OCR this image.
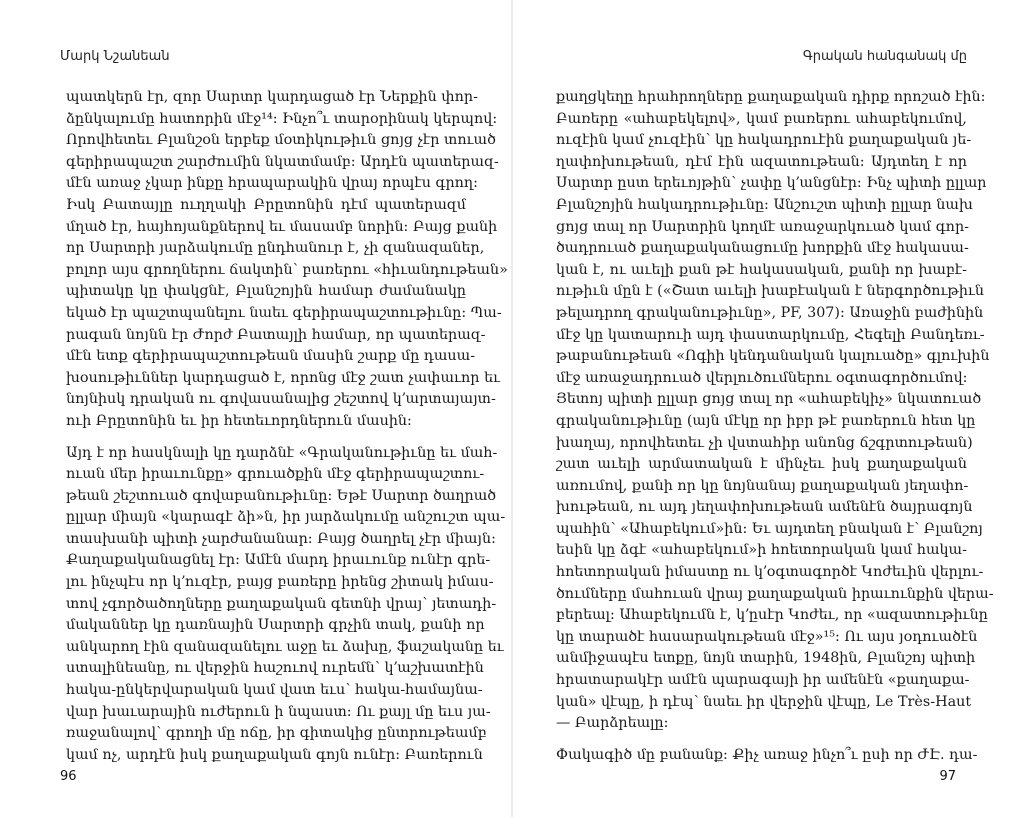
Մարկ Նշանեան
պատկերն էր, զոր Սարտր կարդացած էր Ներքին փոր-
ձընկալումը հատորին մէջ¹⁴: Ինչո՞ւ տարօրինակ կերպով:
Որովհետեւ Բլանշօն երբեք մօտիկութիւն ցոյց չէր տուած
գերիրապաշտ շարժումին նկատմամբ: Արդէն պատերազ-
մէն առաջ չկար ինքը հրապարակին վրայ որպէս գրող:
Իսկ Բատայլը ուղղակի Բրըտոնին դէմ պատերազմ
մղած էր, հայհոյանքներով եւ մասամբ նորին: Բայց քանի
որ Սարտրի յարձակումը ընդհանուր է, չի զանազաներ,
բոլոր այս գրողներու ճակտին՝ բառերու «հիւանդութեան»
պիտակը կը փակցնէ, Բլանշոյին համար ժամանակը
եկած էր պաշտպանելու նաեւ գերիրապաշտութիւնը: Պա-
րագան նոյնն էր Ժորժ Բատայլի համար, որ պատերազ-
մէն ետք գերիրապաշտութեան մասին շարք մը դասա-
խօսութիւններ կարդացած է, որոնց մէջ շատ չափաւոր եւ
նոյնիսկ դրական ու գովասանալից շեշտով կ՚արտայայտ-
ուի Բրըտոնին եւ իր հետեւորդներուն մասին:
Այդ է որ հասկնալի կը դարձնէ «Գրականութիւնը եւ մահ-
ուան մեր իրաւունքը» գրուածքին մէջ գերիրապաշտու-
թեան շեշտուած գովաբանութիւնը: Եթէ Սարտր ծաղրած
ըլլար միայն «կարագէ ձի»ն, իր յարձակումը անշուշտ պա-
տասխանի պիտի չարժանանար: Բայց ծաղրել չէր միայն:
Քաղաքականացնել էր: Ամէն մարդ իրաւունք ունէր գրե-
լու ինչպէս որ կ՚ուզէր, բայց բառերը իրենց շիտակ իմաս-
տով չգործածողները քաղաքական գետնի վրայ՝ յետադի-
մականներ կը դառնային Սարտրի գրչին տակ, քանի որ
անկարող էին զանազանելու աջը եւ ձախը, ֆաշականը եւ
ստալինեանը, ու վերջին հաշուով ուրեմն՝ կ՚աշխատէին
հակա-ընկերվարական կամ վատ եւս՝ հակա-համայնա-
վար խաւարային ուժերուն ի նպաստ: Ու քայլ մը եւս յա-
ռաջանալով՝ գրողի մը ոճը, իր գիտակից ընտրութեամբ
կամ ոչ, արդէն իսկ քաղաքական գոյն ունէր: Բառերուն
96
Գրական հանգանակ մը
քաղցկեղը հրահրողները քաղաքական դիրք որոշած էին:
Բառերը «ահաբեկելով», կամ բառերու ահաբեկումով,
ուզէին կամ չուզէին՝ կը հակադրուէին քաղաքական յե-
ղափոխութեան, դէմ էին ազատութեան: Այդտեղ է որ
Սարտր ըստ երեւոյթին՝ չափը կ՚անցնէր: Ինչ պիտի ըլլար
Բլանշոյին հակադրութիւնը: Անշուշտ պիտի ըլլար նախ
ցոյց տալ որ Սարտրին կողմէ առաջարկուած կամ գոր-
ծադրուած քաղաքականացումը խորքին մէջ հակասա-
կան է, ու աւելի քան թէ հակասական, քանի որ խաբէ-
ութիւն մըն է («Շատ աւելի խաբէական է ներգործութիւն
թելադրող գրականութիւնը», PF, 307): Առաջին բաժինին
մէջ կը կատարուի այդ փաստարկումը, Հեգելի Բանդեռւ-
թաբանութեան «Ոգիի կենդանական կալուածը» գլուխին
մէջ առաջադրուած վերլուծումներու օգտագործումով:
Յետոյ պիտի ըլլար ցոյց տալ որ «ահաբեկիչ» նկատուած
գրականութիւնը (այն մէկը որ իբր թէ բառերուն հետ կը
խաղայ, որովհետեւ չի վստահիր անոնց ճշգրտութեան)
շատ աւելի արմատական է մինչեւ իսկ քաղաքական
առումով, քանի որ կը նոյնանայ քաղաքական յեղափո-
խութեան, ու այդ յեղափոխութեան ամենէն ծայրագոյն
պահին՝ «Ահաբեկում»ին: Եւ այդտեղ բնական է՝ Բլանշոյ
եսին կը ձգէ «ահաբեկում»ի հոետորական կամ հակա-
հոետորական իմաստը ու կ՚օգտագործէ Կոժեւին վերլու-
ծումները մահուան վրայ քաղաքական իրաւունքին վերա-
բերեալ: Ահաբեկումն է, կ՚ըսէր Կոժեւ, որ «ազատութիւնը
կը տարածէ հասարակութեան մէջ»¹⁵: Ու այս յօդուածէն
անմիջապէս ետքը, նոյն տարին, 1948ին, Բլանշոյ պիտի
հրատարակէր ամէն պարագայի իր ամենէն «քաղաքա-
կան» վէպը, ի դէպ՝ նաեւ իր վերջին վէպը, Le Très-Haut
— Բարձրեալը:
Փակագիծ մը բանանք: Քիչ առաջ ինչո՞ւ ըսի որ ԺԷ. դա-
97
